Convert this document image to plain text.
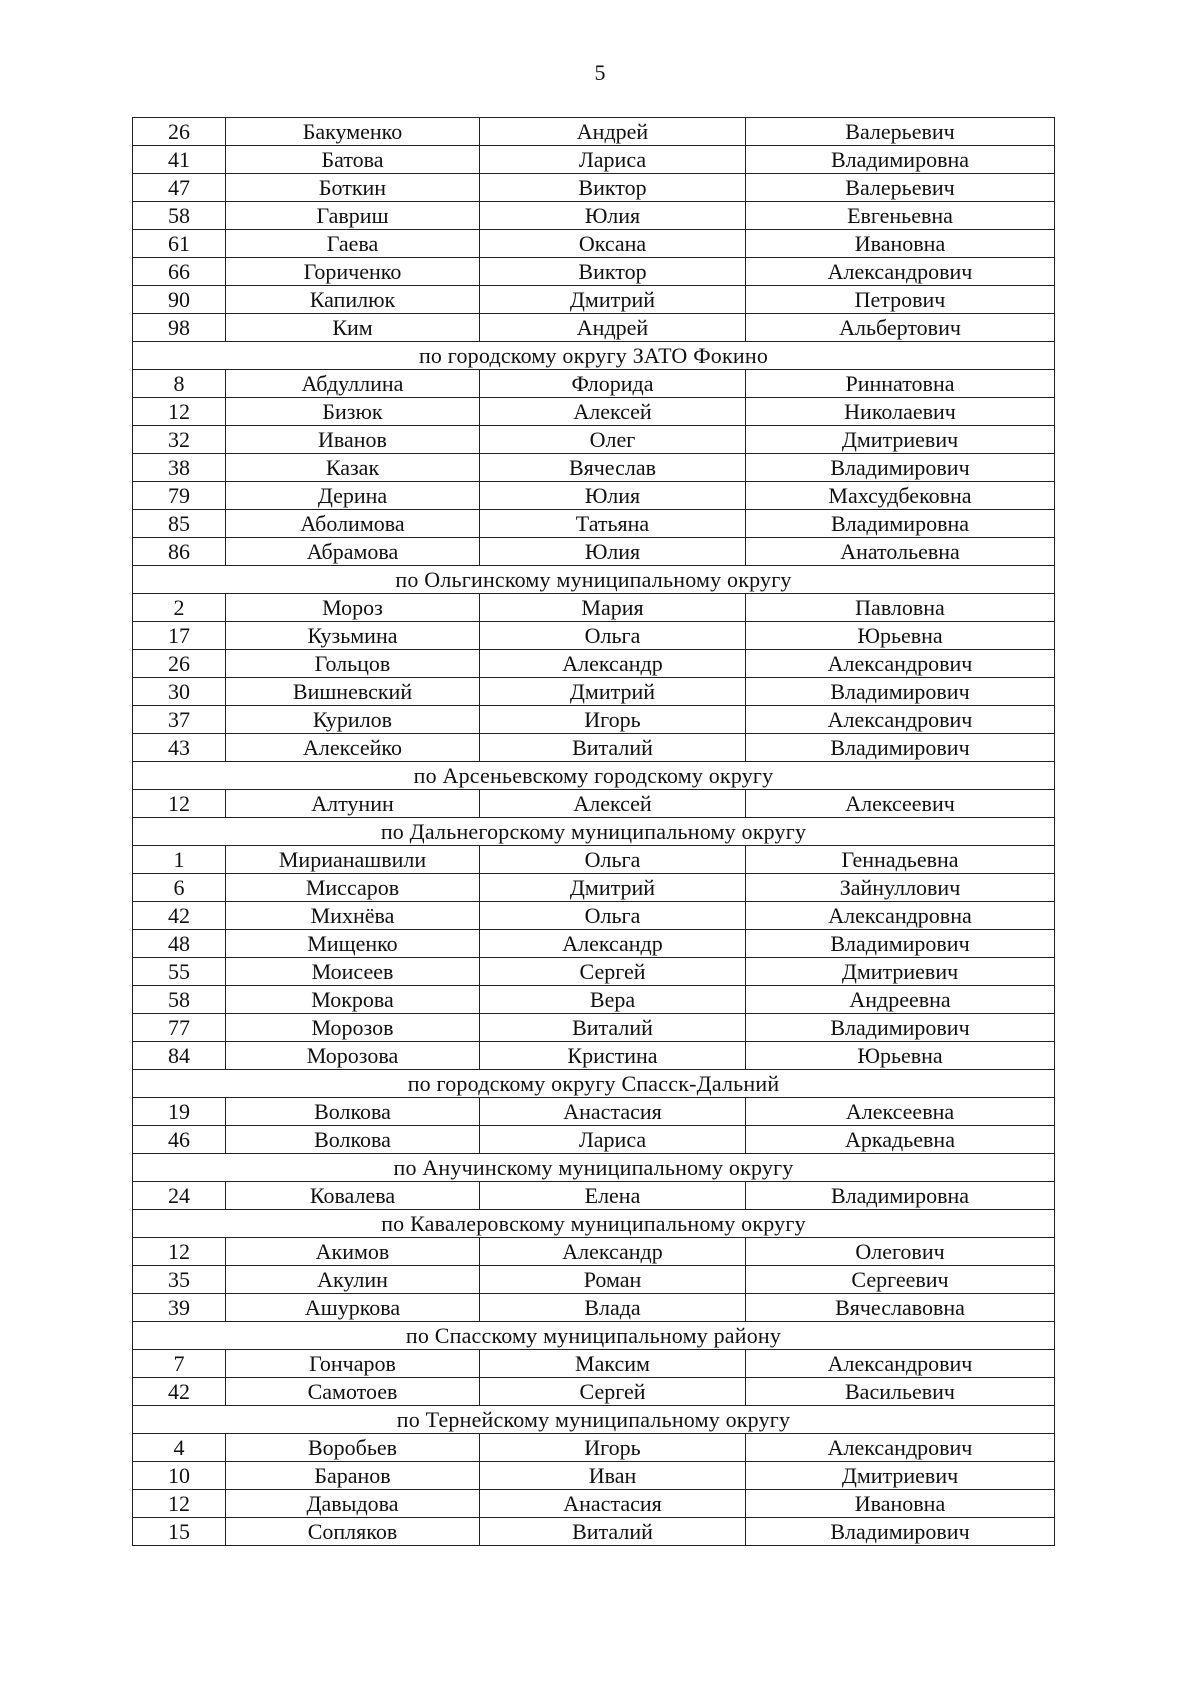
5
26	Бакуменко	Андрей	Валерьевич
41	Батова	Лариса	Владимировна
47	Боткин	Виктор	Валерьевич
58	Гавриш	Юлия	Евгеньевна
61	Гаева	Оксана	Ивановна
66	Гориченко	Виктор	Александрович
90	Капилюк	Дмитрий	Петрович
98	Ким	Андрей	Альбертович
по городскому округу ЗАТО Фокино			
8	Абдуллина	Флорида	Риннатовна
12	Бизюк	Алексей	Николаевич
32	Иванов	Олег	Дмитриевич
38	Казак	Вячеслав	Владимирович
79	Дерина	Юлия	Махсудбековна
85	Аболимова	Татьяна	Владимировна
86	Абрамова	Юлия	Анатольевна
по Ольгинскому муниципальному округу			
2	Мороз	Мария	Павловна
17	Кузьмина	Ольга	Юрьевна
26	Гольцов	Александр	Александрович
30	Вишневский	Дмитрий	Владимирович
37	Курилов	Игорь	Александрович
43	Алексейко	Виталий	Владимирович
по Арсеньевскому городскому округу			
12	Алтунин	Алексей	Алексеевич
по Дальнегорскому муниципальному округу			
1	Мирианашвили	Ольга	Геннадьевна
6	Миссаров	Дмитрий	Зайнуллович
42	Михнёва	Ольга	Александровна
48	Мищенко	Александр	Владимирович
55	Моисеев	Сергей	Дмитриевич
58	Мокрова	Вера	Андреевна
77	Морозов	Виталий	Владимирович
84	Морозова	Кристина	Юрьевна
по городскому округу Спасск-Дальний			
19	Волкова	Анастасия	Алексеевна
46	Волкова	Лариса	Аркадьевна
по Анучинскому муниципальному округу			
24	Ковалева	Елена	Владимировна
по Кавалеровскому муниципальному округу			
12	Акимов	Александр	Олегович
35	Акулин	Роман	Сергеевич
39	Ашуркова	Влада	Вячеславовна
по Спасскому муниципальному району			
7	Гончаров	Максим	Александрович
42	Самотоев	Сергей	Васильевич
по Тернейскому муниципальному округу			
4	Воробьев	Игорь	Александрович
10	Баранов	Иван	Дмитриевич
12	Давыдова	Анастасия	Ивановна
15	Сопляков	Виталий	Владимирович
